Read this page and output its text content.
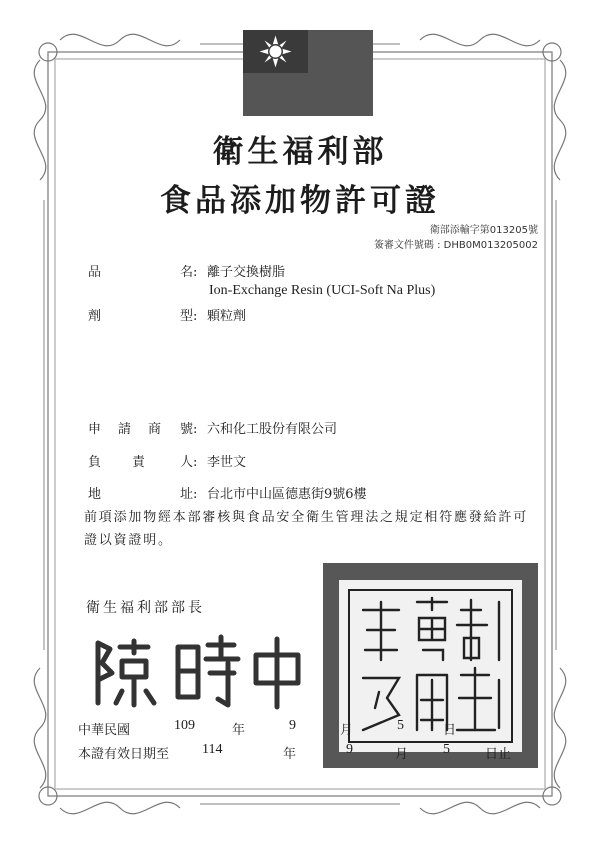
衛生福利部
食品添加物許可證
衛部添輸字第013205號
簽審文件號碼 : DHB0M013205002
品	名: 離子交換樹脂
Ion-Exchange Resin (UCI-Soft Na Plus)
劑	型: 顆粒劑
申 請 商 號: 六和化工股份有限公司
負 責	人: 李世文
地	址: 台北市中山區德惠街9號6樓
前項添加物經本部審核與食品安全衛生管理法之規定相符應發給許可證以資證明。
衛生福利部部長
中華民國	109	年	9	月	5	日
本證有效日期至 114	年	9	月 5	日止
